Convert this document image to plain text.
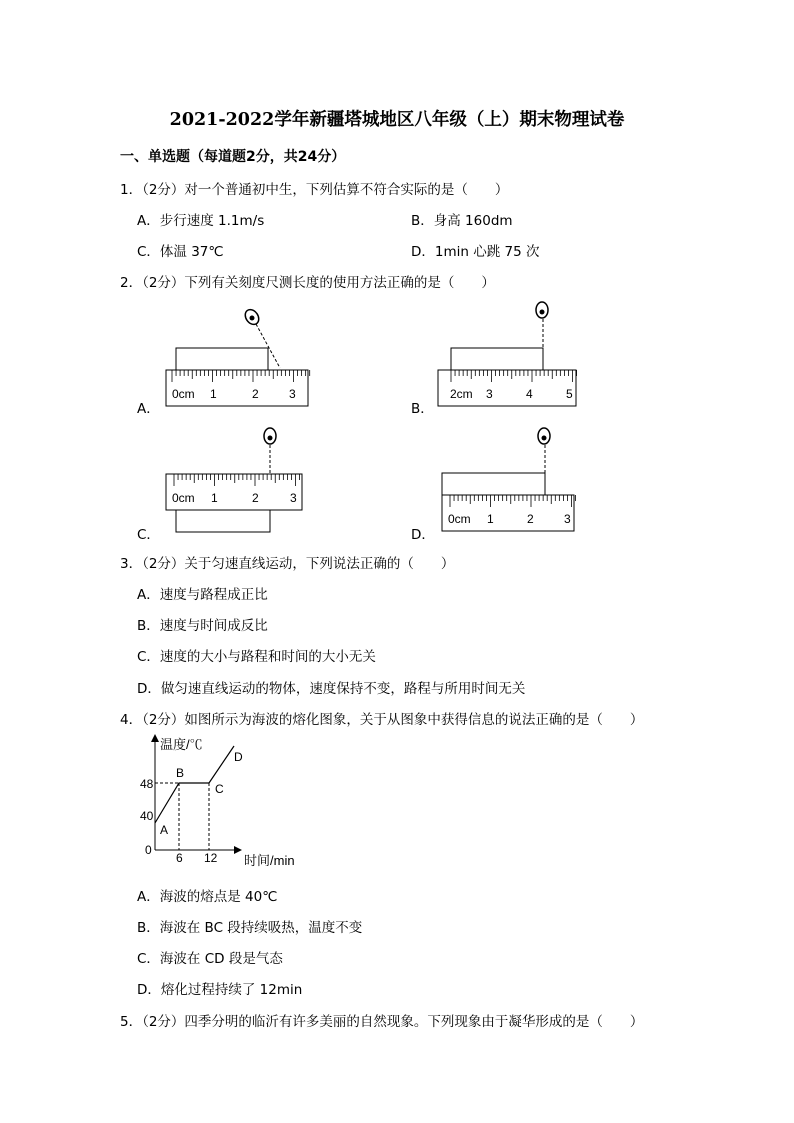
2021-2022学年新疆塔城地区八年级（上）期末物理试卷
一、单选题（每道题2分，共24分）
1．（2分）对一个普通初中生，下列估算不符合实际的是（　　）
A．步行速度 1.1m/s	B．身高 160dm
C．体温 37℃	D．1min 心跳 75 次
2．（2分）下列有关刻度尺测长度的使用方法正确的是（　　）
A．	B．
C．	D．
0cm 1	2	3	2cm 3	4	5
0cm 1	2	3
0cm 1	2	3
3．（2分）关于匀速直线运动，下列说法正确的（　　）
A．速度与路程成正比
B．速度与时间成反比
C．速度的大小与路程和时间的大小无关
D．做匀速直线运动的物体，速度保持不变，路程与所用时间无关
4．（2分）如图所示为海波的熔化图象，关于从图象中获得信息的说法正确的是（　　）
温度/℃
时间/min
48
40
0
6 12
A
B
C
D
A．海波的熔点是 40℃
B．海波在 BC 段持续吸热，温度不变
C．海波在 CD 段是气态
D．熔化过程持续了 12min
5．（2分）四季分明的临沂有许多美丽的自然现象。下列现象由于凝华形成的是（　　）
